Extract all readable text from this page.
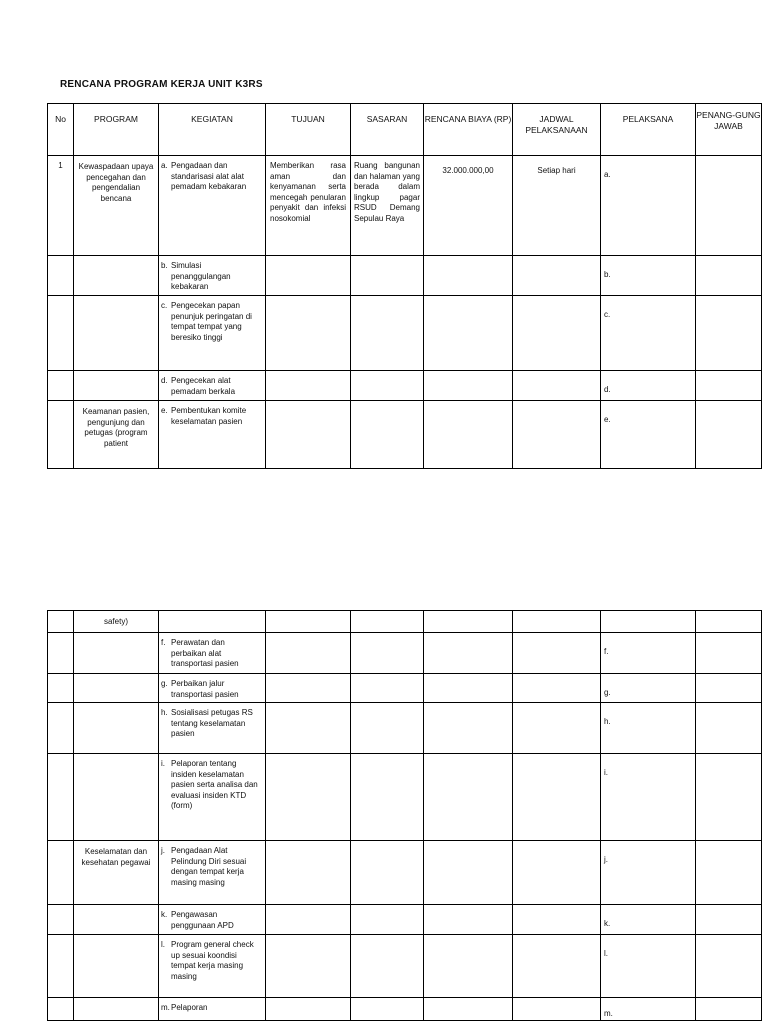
RENCANA PROGRAM KERJA UNIT K3RS
No	PROGRAM	KEGIATAN	TUJUAN	SASARAN	RENCANA BIAYA (RP)	JADWAL PELAKSANAAN	PELAKSANA	PENANG-GUNG JAWAB
1	Kewaspadaan upaya pencegahan dan pengendalian bencana	a. Pengadaan dan standarisasi alat alat pemadam kebakaran	Memberikan rasa aman dan kenyamanan serta mencegah penularan penyakit dan infeksi nosokomial	Ruang bangunan dan halaman yang berada dalam lingkup pagar RSUD Demang Sepulau Raya	32.000.000,00	Setiap hari	a.	

		b. Simulasi penanggulangan kebakaran					b.	

		c. Pengecekan papan penunjuk peringatan di tempat tempat yang beresiko tinggi					c.	

		d. Pengecekan alat pemadam berkala					d.	
	Keamanan pasien, pengunjung dan petugas (program patient	e. Pembentukan komite keselamatan pasien					e.	
	safety)	

		f. Perawatan dan perbaikan alat transportasi pasien					f.	

		g. Perbaikan jalur transportasi pasien					g.	

		h. Sosialisasi petugas RS tentang keselamatan pasien					h.	

		i. Pelaporan tentang insiden keselamatan pasien serta analisa dan evaluasi insiden KTD (form)					i.	
	Keselamatan dan kesehatan pegawai	j. Pengadaan Alat Pelindung Diri sesuai dengan tempat kerja masing masing					j.	

		k. Pengawasan penggunaan APD					k.	

		l. Program general check up sesuai koondisi tempat kerja masing masing					l.	

		m. Pelaporan					m.	
